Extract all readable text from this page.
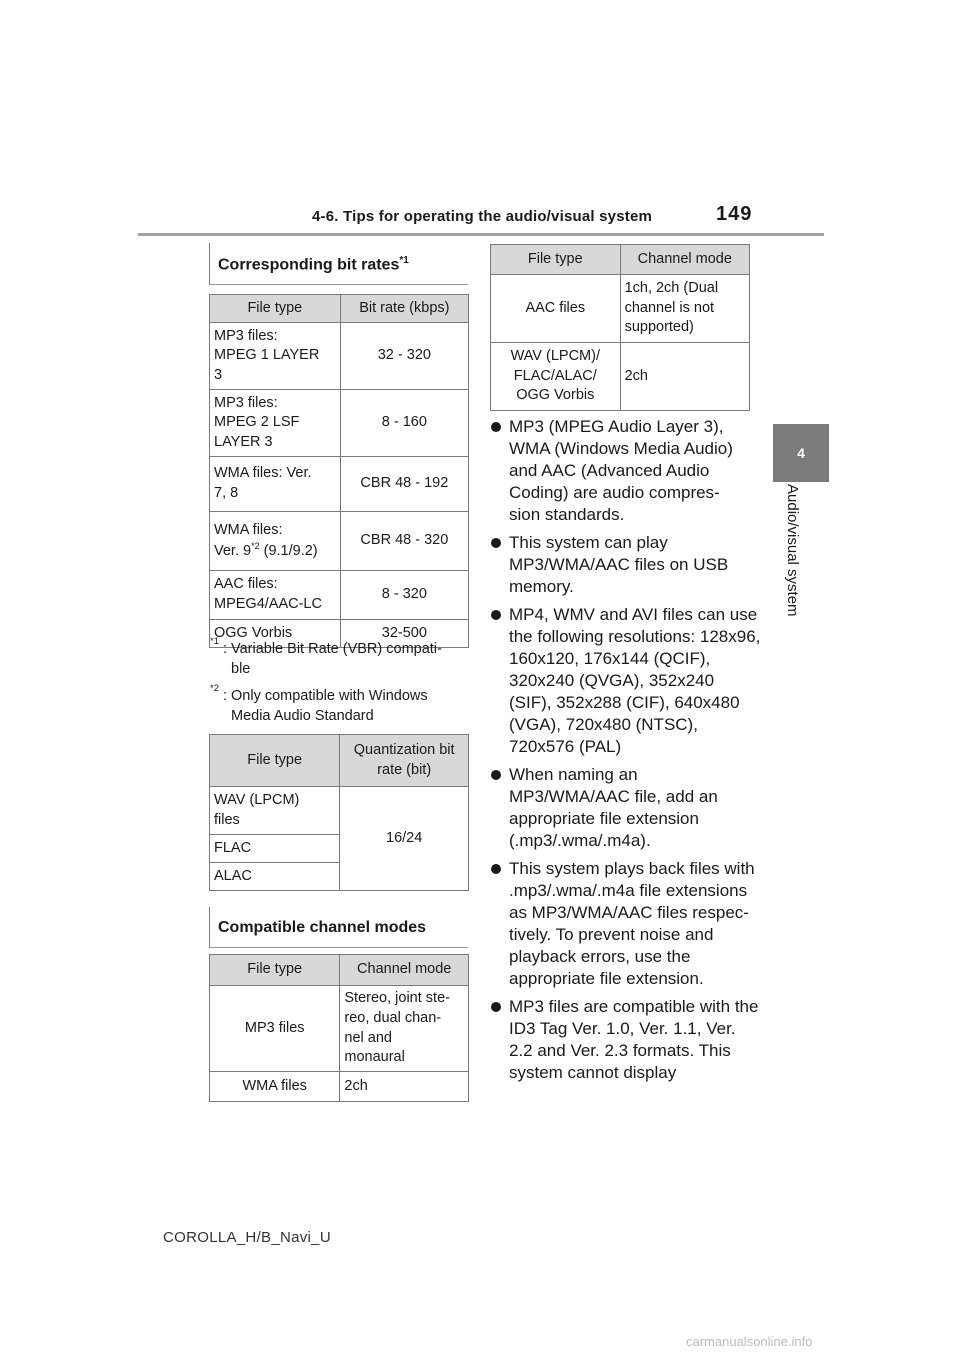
4-6. Tips for operating the audio/visual system	149
4
Audio/visual system
Corresponding bit rates$^{*1}$
File type	Bit rate (kbps)
MP3 files:
MPEG 1 LAYER
3	32 - 320
MP3 files:
MPEG 2 LSF
LAYER 3	8 - 160
WMA files: Ver.
7, 8	CBR 48 - 192
WMA files:
Ver. 9$^{*2}$ (9.1/9.2)	CBR 48 - 320
AAC files:
MPEG4/AAC-LC	8 - 320
OGG Vorbis	32-500
*1 : Variable Bit Rate (VBR) compati-
ble
*2 : Only compatible with Windows
Media Audio Standard
File type	Quantization bit
rate (bit)
WAV (LPCM)
files	16/24
FLAC	
ALAC	
Compatible channel modes
File type	Channel mode
MP3 files	Stereo, joint ste-
reo, dual chan-
nel and
monaural
WMA files	2ch
File type	Channel mode
AAC files	1ch, 2ch (Dual
channel is not
supported)
WAV (LPCM)/
FLAC/ALAC/
OGG Vorbis	2ch
MP3 (MPEG Audio Layer 3), WMA (Windows Media Audio) and AAC (Advanced Audio Coding) are audio compres-
sion standards.
This system can play MP3/WMA/AAC files on USB memory.
MP4, WMV and AVI files can use the following resolutions: 128x96, 160x120, 176x144 (QCIF), 320x240 (QVGA), 352x240 (SIF), 352x288 (CIF), 640x480 (VGA), 720x480 (NTSC), 720x576 (PAL)
When naming an MP3/WMA/AAC file, add an appropriate file extension (.mp3/.wma/.m4a).
This system plays back files with .mp3/.wma/.m4a file extensions as MP3/WMA/AAC files respec-
tively. To prevent noise and playback errors, use the appropriate file extension.
MP3 files are compatible with the ID3 Tag Ver. 1.0, Ver. 1.1, Ver. 2.2 and Ver. 2.3 formats. This system cannot display
COROLLA_H/B_Navi_U
carmanualsonline.info
